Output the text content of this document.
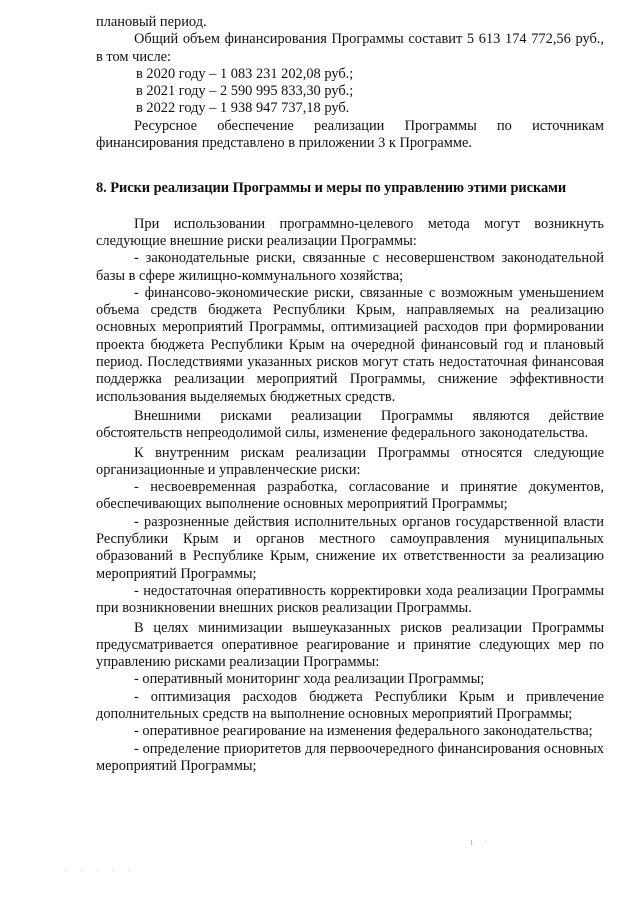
плановый период.

Общий объем финансирования Программы составит 5 613 174 772,56 руб., в том числе:

в 2020 году – 1 083 231 202,08 руб.;

в 2021 году – 2 590 995 833,30 руб.;

в 2022 году – 1 938 947 737,18 руб.

Ресурсное обеспечение реализации Программы по источникам финансирования представлено в приложении 3 к Программе.

8. Риски реализации Программы и меры по управлению этими рисками

При использовании программно-целевого метода могут возникнуть следующие внешние риски реализации Программы:

- законодательные риски, связанные с несовершенством законодательной базы в сфере жилищно-коммунального хозяйства;

- финансово-экономические риски, связанные с возможным уменьшением объема средств бюджета Республики Крым, направляемых на реализацию основных мероприятий Программы, оптимизацией расходов при формировании проекта бюджета Республики Крым на очередной финансовый год и плановый период. Последствиями указанных рисков могут стать недостаточная финансовая поддержка реализации мероприятий Программы, снижение эффективности использования выделяемых бюджетных средств.

Внешними рисками реализации Программы являются действие обстоятельств непреодолимой силы, изменение федерального законодательства.

К внутренним рискам реализации Программы относятся следующие организационные и управленческие риски:

- несвоевременная разработка, согласование и принятие документов, обеспечивающих выполнение основных мероприятий Программы;

- разрозненные действия исполнительных органов государственной власти Республики Крым и органов местного самоуправления муниципальных образований в Республике Крым, снижение их ответственности за реализацию мероприятий Программы;

- недостаточная оперативность корректировки хода реализации Программы при возникновении внешних рисков реализации Программы.

В целях минимизации вышеуказанных рисков реализации Программы предусматривается оперативное реагирование и принятие следующих мер по управлению рисками реализации Программы:

- оперативный мониторинг хода реализации Программы;

- оптимизация расходов бюджета Республики Крым и привлечение дополнительных средств на выполнение основных мероприятий Программы;

- оперативное реагирование на изменения федерального законодательства;

- определение приоритетов для первоочередного финансирования основных мероприятий Программы;

ı    ·
· · · · ·
